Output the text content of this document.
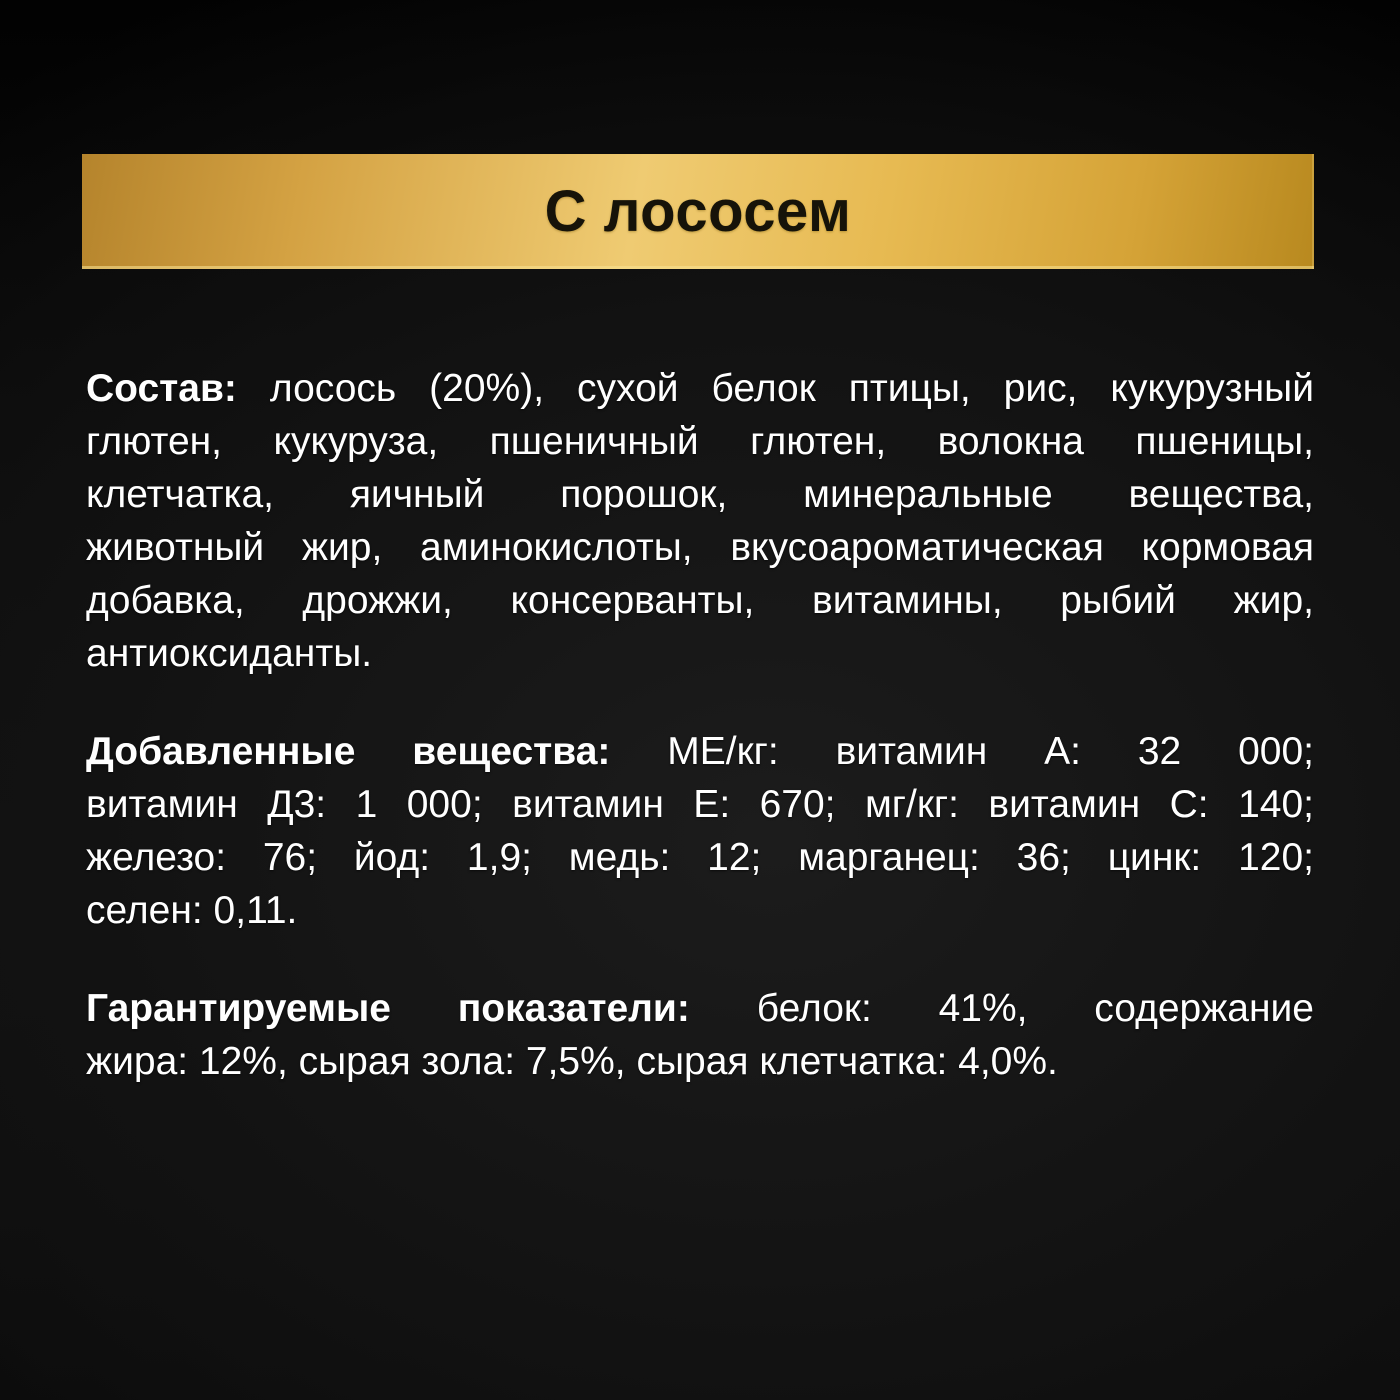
С лососем
Состав: лосось (20%), сухой белок птицы, рис, кукурузный
глютен, кукуруза, пшеничный глютен, волокна пшеницы,
клетчатка, яичный порошок, минеральные вещества,
животный жир, аминокислоты, вкусоароматическая кормовая
добавка, дрожжи, консерванты, витамины, рыбий жир,
антиоксиданты.
Добавленные вещества: МЕ/кг: витамин А: 32 000;
витамин Д3: 1 000; витамин Е: 670; мг/кг: витамин С: 140;
железо: 76; йод: 1,9; медь: 12; марганец: 36; цинк: 120;
селен: 0,11.
Гарантируемые показатели: белок: 41%, содержание
жира: 12%, сырая зола: 7,5%, сырая клетчатка: 4,0%.
